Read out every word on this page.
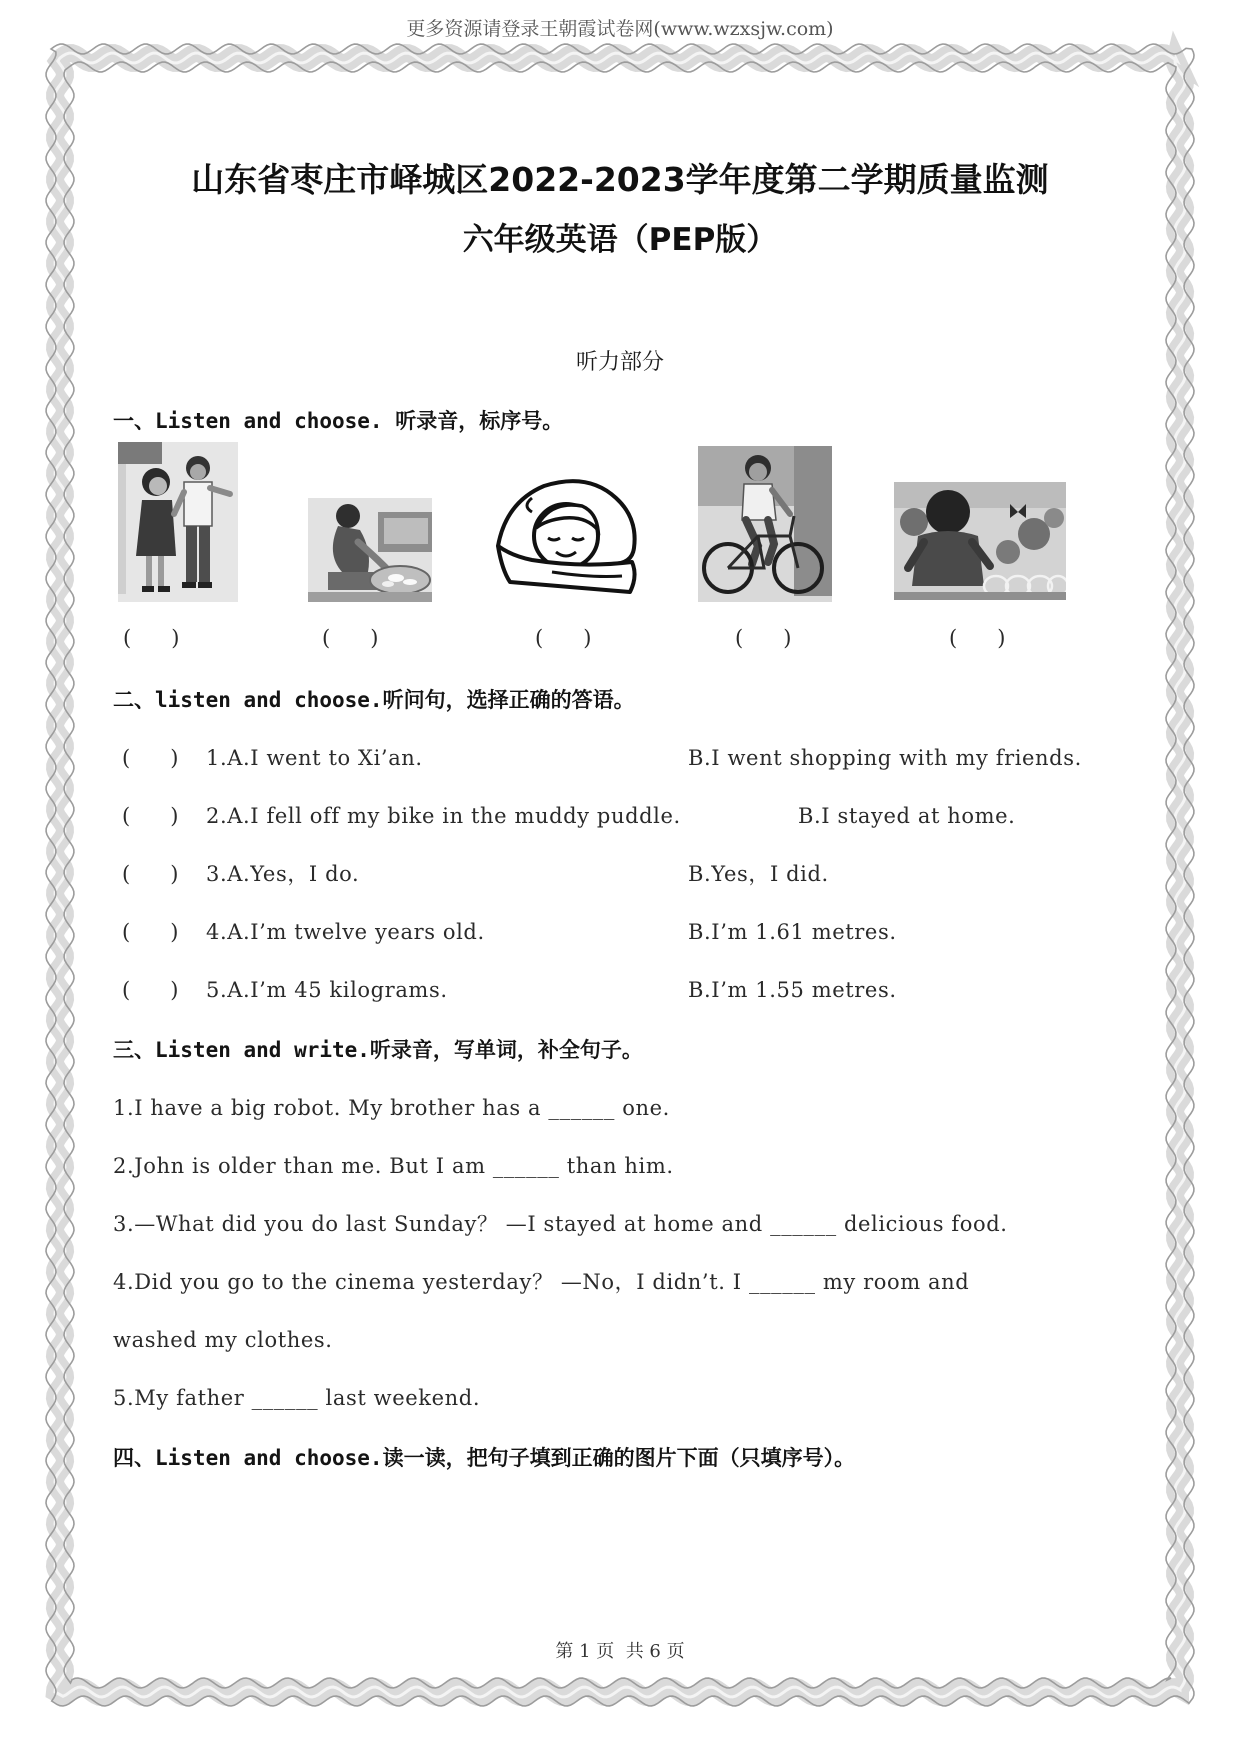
更多资源请登录王朝霞试卷网(www.wzxsjw.com)
山东省枣庄市峄城区2022-2023学年度第二学期质量监测
六年级英语（PEP版）
听力部分
一、Listen and choose. 听录音，标序号。
(      )	(      )	(      )	(      )	(      )
二、listen and choose.听问句，选择正确的答语。
(      ) 1.A.I went to Xi’an.	B.I went shopping with my friends.
(      ) 2.A.I fell off my bike in the muddy puddle.	B.I stayed at home.
(      ) 3.A.Yes，I do.	B.Yes，I did.
(      ) 4.A.I’m twelve years old.	B.I’m 1.61 metres.
(      ) 5.A.I’m 45 kilograms.	B.I’m 1.55 metres.
三、Listen and write.听录音，写单词，补全句子。
1.I have a big robot. My brother has a ______ one.
2.John is older than me. But I am ______ than him.
3.—What did you do last Sunday？ —I stayed at home and ______ delicious food.
4.Did you go to the cinema yesterday？ —No，I didn’t. I ______ my room and
washed my clothes.
5.My father ______ last weekend.
四、Listen and choose.读一读，把句子填到正确的图片下面（只填序号）。
第 1 页  共 6 页
